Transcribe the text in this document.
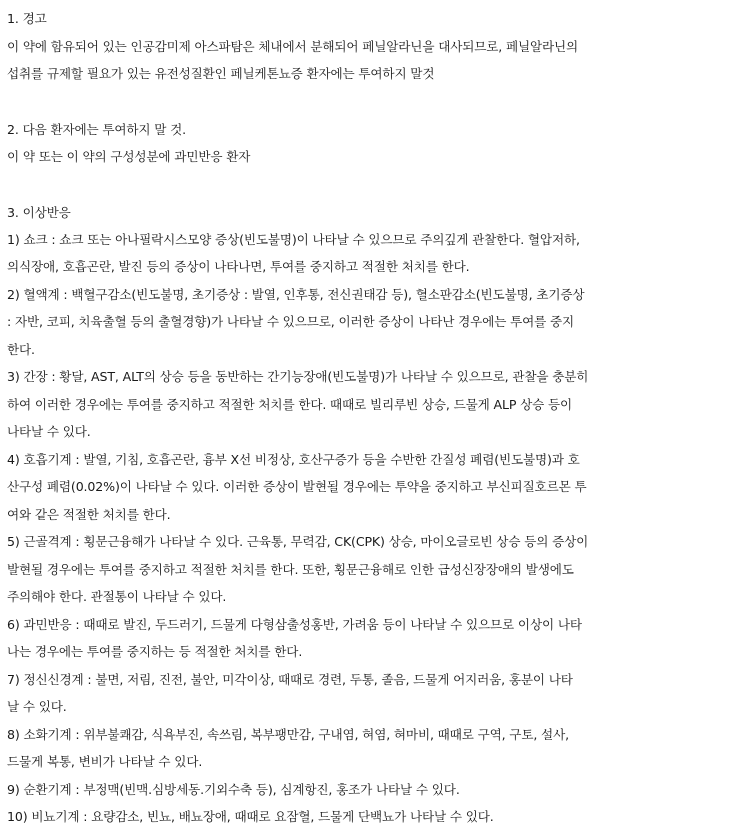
1. 경고
이 약에 함유되어 있는 인공감미제 아스파탐은 체내에서 분해되어 페닐알라닌을 대사되므로, 페닐알라닌의
섭취를 규제할 필요가 있는 유전성질환인 페닐케톤뇨증 환자에는 투여하지 말것
2. 다음 환자에는 투여하지 말 것.
이 약 또는 이 약의 구성성분에 과민반응 환자
3. 이상반응
1) 쇼크 : 쇼크 또는 아나필락시스모양 증상(빈도불명)이 나타날 수 있으므로 주의깊게 관찰한다. 혈압저하,
의식장애, 호흡곤란, 발진 등의 증상이 나타나면, 투여를 중지하고 적절한 처치를 한다.
2) 혈액계 : 백혈구감소(빈도불명, 초기증상 : 발열, 인후통, 전신권태감 등), 혈소판감소(빈도불명, 초기증상
: 자반, 코피, 치육출혈 등의 출혈경향)가 나타날 수 있으므로, 이러한 증상이 나타난 경우에는 투여를 중지
한다.
3) 간장 : 황달, AST, ALT의 상승 등을 동반하는 간기능장애(빈도불명)가 나타날 수 있으므로, 관찰을 충분히
하여 이러한 경우에는 투여를 중지하고 적절한 처치를 한다. 때때로 빌리루빈 상승, 드물게 ALP 상승 등이
나타날 수 있다.
4) 호흡기계 : 발열, 기침, 호흡곤란, 흉부 X선 비정상, 호산구증가 등을 수반한 간질성 폐렴(빈도불명)과 호
산구성 폐렴(0.02%)이 나타날 수 있다. 이러한 증상이 발현될 경우에는 투약을 중지하고 부신피질호르몬 투
여와 같은 적절한 처치를 한다.
5) 근골격계 : 횡문근융해가 나타날 수 있다. 근육통, 무력감, CK(CPK) 상승, 마이오글로빈 상승 등의 증상이
발현될 경우에는 투여를 중지하고 적절한 처치를 한다. 또한, 횡문근융해로 인한 급성신장장애의 발생에도
주의해야 한다. 관절통이 나타날 수 있다.
6) 과민반응 : 때때로 발진, 두드러기, 드물게 다형삼출성홍반, 가려움 등이 나타날 수 있으므로 이상이 나타
나는 경우에는 투여를 중지하는 등 적절한 처치를 한다.
7) 정신신경계 : 불면, 저림, 진전, 불안, 미각이상, 때때로 경련, 두통, 졸음, 드물게 어지러움, 홍분이 나타
날 수 있다.
8) 소화기계 : 위부불쾌감, 식욕부진, 속쓰림, 복부팽만감, 구내염, 혀염, 혀마비, 때때로 구역, 구토, 설사,
드물게 복통, 변비가 나타날 수 있다.
9) 순환기계 : 부정맥(빈맥.심방세동.기외수축 등), 심계항진, 홍조가 나타날 수 있다.
10) 비뇨기계 : 요량감소, 빈뇨, 배뇨장애, 때때로 요잠혈, 드물게 단백뇨가 나타날 수 있다.
